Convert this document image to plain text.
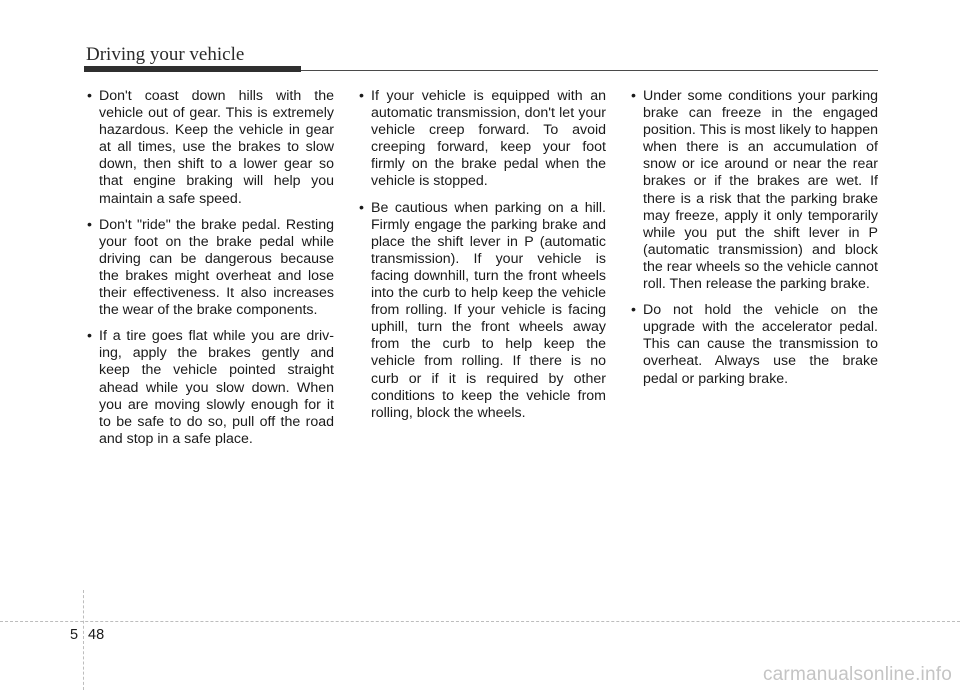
Driving your vehicle
• Don't coast down hills with the vehicle out of gear. This is extremely hazardous. Keep the vehicle in gear at all times, use the brakes to slow down, then shift to a lower gear so that engine braking will help you maintain a safe speed.
• Don't "ride" the brake pedal. Resting your foot on the brake pedal while driving can be dangerous because the brakes might overheat and lose their effectiveness. It also increases the wear of the brake components.
• If a tire goes flat while you are driving, apply the brakes gently and keep the vehicle pointed straight ahead while you slow down. When you are moving slowly enough for it to be safe to do so, pull off the road and stop in a safe place.
• If your vehicle is equipped with an automatic transmission, don't let your vehicle creep forward. To avoid creeping forward, keep your foot firmly on the brake pedal when the vehicle is stopped.
• Be cautious when parking on a hill. Firmly engage the parking brake and place the shift lever in P (automatic transmission). If your vehicle is facing downhill, turn the front wheels into the curb to help keep the vehicle from rolling. If your vehicle is facing uphill, turn the front wheels away from the curb to help keep the vehicle from rolling. If there is no curb or if it is required by other conditions to keep the vehicle from rolling, block the wheels.
• Under some conditions your parking brake can freeze in the engaged position. This is most likely to happen when there is an accumulation of snow or ice around or near the rear brakes or if the brakes are wet. If there is a risk that the parking brake may freeze, apply it only temporarily while you put the shift lever in P (automatic transmission) and block the rear wheels so the vehicle cannot roll. Then release the parking brake.
• Do not hold the vehicle on the upgrade with the accelerator pedal. This can cause the transmission to overheat. Always use the brake pedal or parking brake.
5 48
carmanualsonline.info
